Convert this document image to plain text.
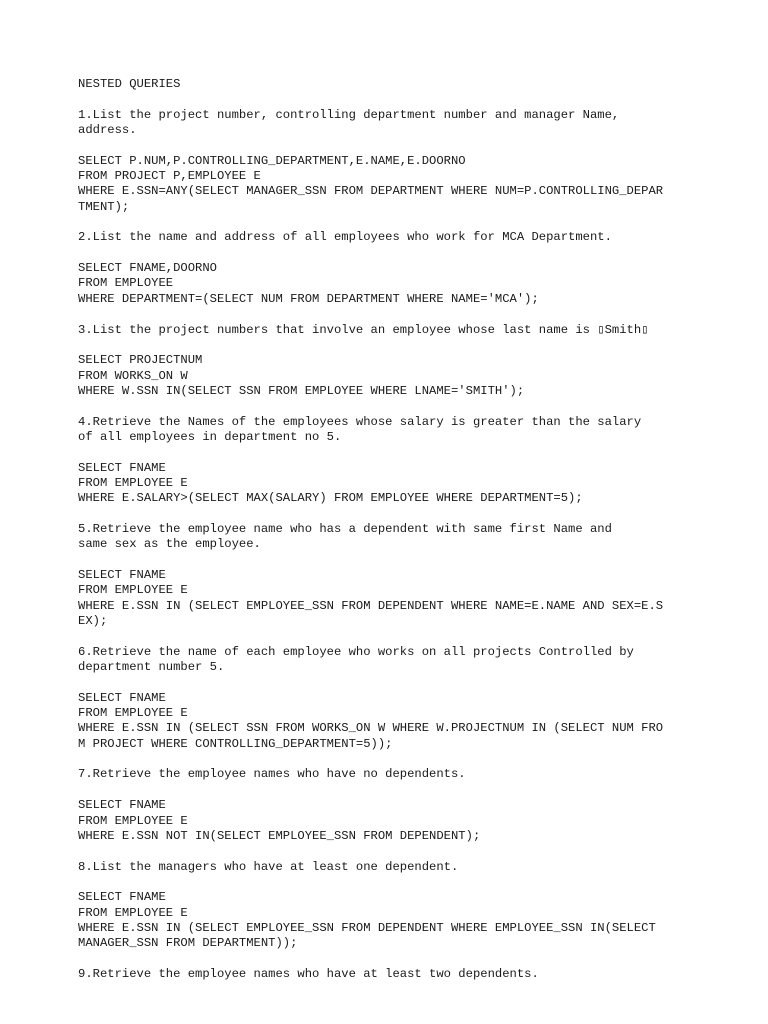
NESTED QUERIES
1.List the project number, controlling department number and manager Name,
address.
SELECT P.NUM,P.CONTROLLING_DEPARTMENT,E.NAME,E.DOORNO
FROM PROJECT P,EMPLOYEE E
WHERE E.SSN=ANY(SELECT MANAGER_SSN FROM DEPARTMENT WHERE NUM=P.CONTROLLING_DEPAR
TMENT);
2.List the name and address of all employees who work for MCA Department.
SELECT FNAME,DOORNO
FROM EMPLOYEE
WHERE DEPARTMENT=(SELECT NUM FROM DEPARTMENT WHERE NAME='MCA');
3.List the project numbers that involve an employee whose last name is ▯Smith▯
SELECT PROJECTNUM
FROM WORKS_ON W
WHERE W.SSN IN(SELECT SSN FROM EMPLOYEE WHERE LNAME='SMITH');
4.Retrieve the Names of the employees whose salary is greater than the salary
of all employees in department no 5.
SELECT FNAME
FROM EMPLOYEE E
WHERE E.SALARY>(SELECT MAX(SALARY) FROM EMPLOYEE WHERE DEPARTMENT=5);
5.Retrieve the employee name who has a dependent with same first Name and
same sex as the employee.
SELECT FNAME
FROM EMPLOYEE E
WHERE E.SSN IN (SELECT EMPLOYEE_SSN FROM DEPENDENT WHERE NAME=E.NAME AND SEX=E.S
EX);
6.Retrieve the name of each employee who works on all projects Controlled by
department number 5.
SELECT FNAME
FROM EMPLOYEE E
WHERE E.SSN IN (SELECT SSN FROM WORKS_ON W WHERE W.PROJECTNUM IN (SELECT NUM FRO
M PROJECT WHERE CONTROLLING_DEPARTMENT=5));
7.Retrieve the employee names who have no dependents.
SELECT FNAME
FROM EMPLOYEE E
WHERE E.SSN NOT IN(SELECT EMPLOYEE_SSN FROM DEPENDENT);
8.List the managers who have at least one dependent.
SELECT FNAME
FROM EMPLOYEE E
WHERE E.SSN IN (SELECT EMPLOYEE_SSN FROM DEPENDENT WHERE EMPLOYEE_SSN IN(SELECT
MANAGER_SSN FROM DEPARTMENT));
9.Retrieve the employee names who have at least two dependents.
